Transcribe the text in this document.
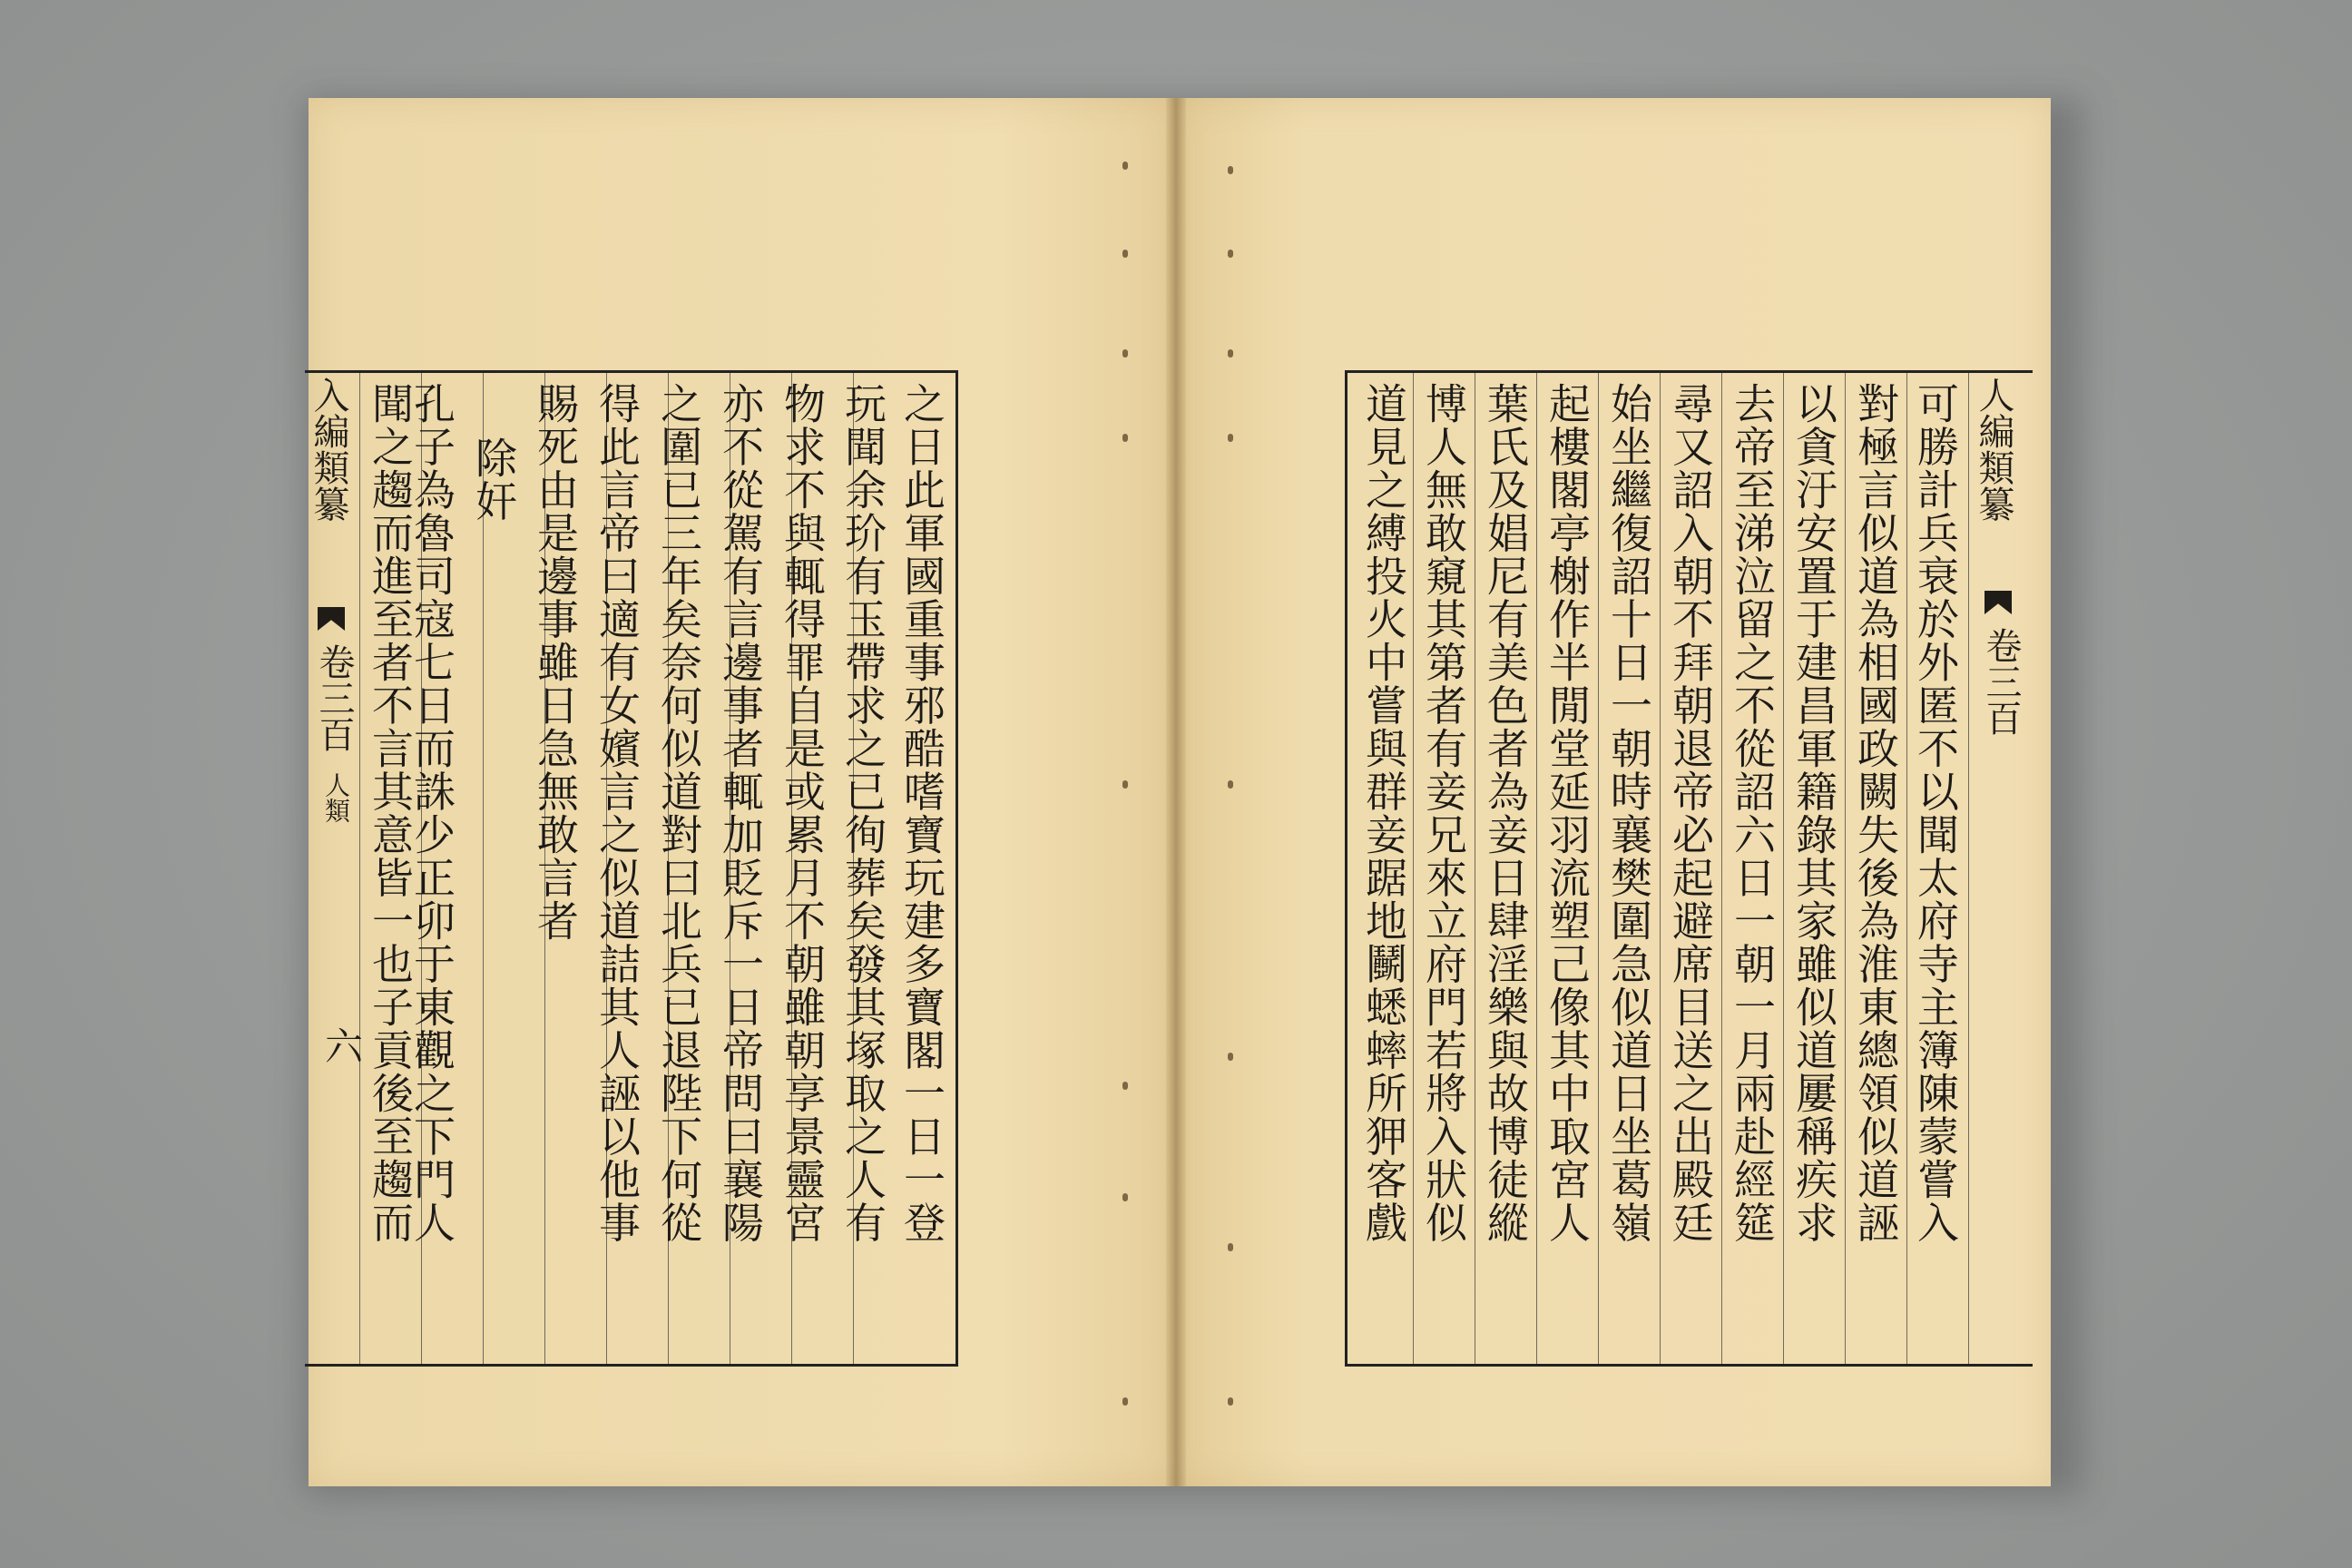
入編類纂
卷三百
人類
六	之日此軍國重事邪酷嗜寶玩建多寶閣一日一登
玩聞余玠有玉帶求之已徇葬矣發其塚取之人有
物求不與輒得罪自是或累月不朝雖朝享景靈宮
亦不從駕有言邊事者輒加貶斥一日帝問曰襄陽
之圍已三年矣奈何似道對曰北兵已退陛下何從
得此言帝曰適有女嬪言之似道詰其人誣以他事
賜死由是邊事雖日急無敢言者
除奸
孔子為魯司寇七日而誅少正卯于東觀之下門人
聞之趨而進至者不言其意皆一也子貢後至趨而	人編類纂
卷三百
可勝計兵衰於外匿不以聞太府寺主簿陳蒙嘗入
對極言似道為相國政闕失後為淮東總領似道誣
以貪汙安置于建昌軍籍錄其家雖似道屢稱疾求
去帝至涕泣留之不從詔六日一朝一月兩赴經筵
尋又詔入朝不拜朝退帝必起避席目送之出殿廷
始坐繼復詔十日一朝時襄樊圍急似道日坐葛嶺
起樓閣亭榭作半閒堂延羽流塑己像其中取宮人
葉氏及娼尼有美色者為妾日肆淫樂與故博徒縱
博人無敢窺其第者有妾兄來立府門若將入狀似
道見之縛投火中嘗與群妾踞地鬭蟋蟀所狎客戲
